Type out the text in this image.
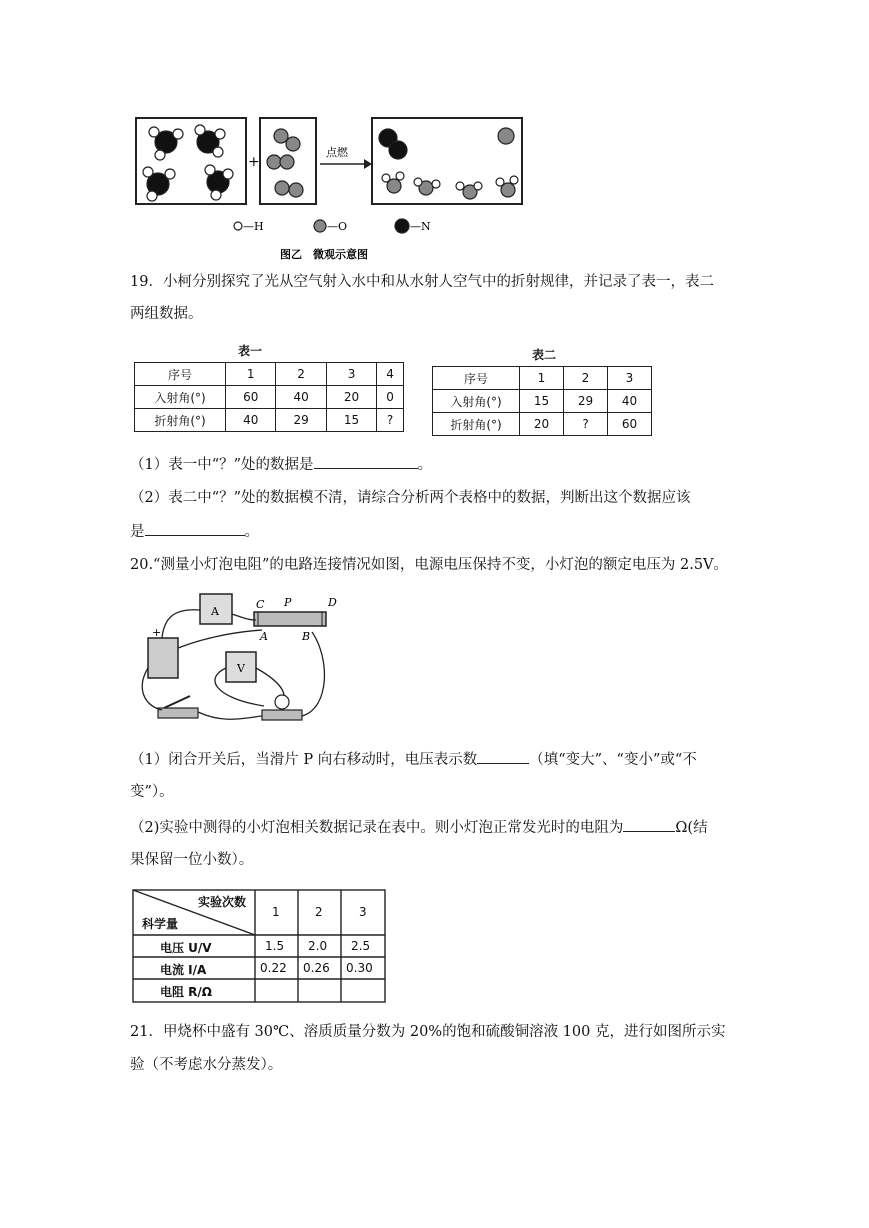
+
点燃
—H	—O	—N
图乙　微观示意图
19．小柯分别探究了光从空气射入水中和从水射人空气中的折射规律，并记录了表一，表二
两组数据。
表一
序号	1	2	3	4
入射角(°)	60	40	20	0
折射角(°)	40	29	15	?
表二
序号	1	2	3
入射角(°)	15	29	40
折射角(°)	20	?	60
（1）表一中“？”处的数据是	。
（2）表二中“？”处的数据模不清，请综合分析两个表格中的数据，判断出这个数据应该
是	。
20.“测量小灯泡电阻”的电路连接情况如图，电源电压保持不变，小灯泡的额定电压为 2.5V。
A
C P	D
A	B
+
V
（1）闭合开关后，当滑片 P 向右移动时，电压表示数	（填“变大”、“变小”或“不
变”）。
（2)实验中测得的小灯泡相关数据记录在表中。则小灯泡正常发光时的电阻为	Ω(结
果保留一位小数）。
实验次数
科学量
1	2	3
电压 U/V	1.5 2.0 2.5
电流 I/A	0.22 0.26 0.30
电阻 R/Ω
21．甲烧杯中盛有 30℃、溶质质量分数为 20%的饱和硫酸铜溶液 100 克，进行如图所示实
验（不考虑水分蒸发）。
